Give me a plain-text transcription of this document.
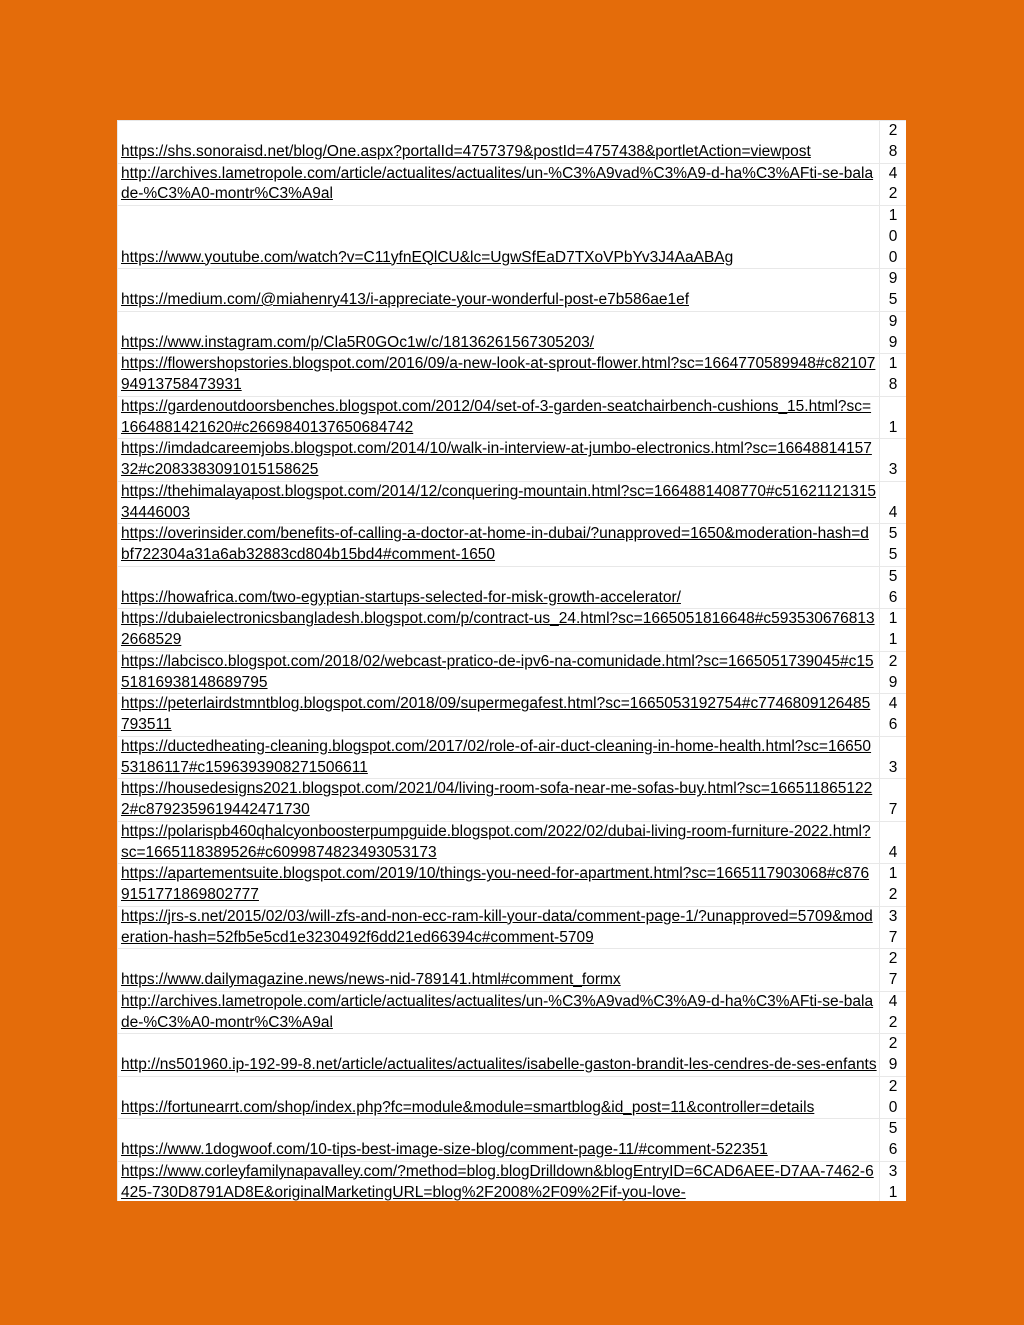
https://shs.sonoraisd.net/blog/One.aspx?portalId=4757379&postId=4757438&portletAction=viewpost	2
8

http://archives.lametropole.com/article/actualites/actualites/un-%C3%A9vad%C3%A9-d-ha%C3%AFti-se-balade-%C3%A0-montr%C3%A9al	4
2

https://www.youtube.com/watch?v=C11yfnEQlCU&lc=UgwSfEaD7TXoVPbYv3J4AaABAg	1
0
0

https://medium.com/@miahenry413/i-appreciate-your-wonderful-post-e7b586ae1ef	9
5

https://www.instagram.com/p/Cla5R0GOc1w/c/18136261567305203/	9
9

https://flowershopstories.blogspot.com/2016/09/a-new-look-at-sprout-flower.html?sc=1664770589948#c8210794913758473931	1
8

https://gardenoutdoorsbenches.blogspot.com/2012/04/set-of-3-garden-seatchairbench-cushions_15.html?sc=1664881421620#c2669840137650684742	1

https://imdadcareemjobs.blogspot.com/2014/10/walk-in-interview-at-jumbo-electronics.html?sc=1664881415732#c2083383091015158625	3

https://thehimalayapost.blogspot.com/2014/12/conquering-mountain.html?sc=1664881408770#c5162112131534446003	4

https://overinsider.com/benefits-of-calling-a-doctor-at-home-in-dubai/?unapproved=1650&moderation-hash=dbf722304a31a6ab32883cd804b15bd4#comment-1650	5
5

https://howafrica.com/two-egyptian-startups-selected-for-misk-growth-accelerator/	5
6

https://dubaielectronicsbangladesh.blogspot.com/p/contract-us_24.html?sc=1665051816648#c5935306768132668529	1
1

https://labcisco.blogspot.com/2018/02/webcast-pratico-de-ipv6-na-comunidade.html?sc=1665051739045#c1551816938148689795	2
9

https://peterlairdstmntblog.blogspot.com/2018/09/supermegafest.html?sc=1665053192754#c7746809126485793511	4
6

https://ductedheating-cleaning.blogspot.com/2017/02/role-of-air-duct-cleaning-in-home-health.html?sc=1665053186117#c1596393908271506611	3

https://housedesigns2021.blogspot.com/2021/04/living-room-sofa-near-me-sofas-buy.html?sc=1665118651222#c8792359619442471730	7

https://polarispb460qhalcyonboosterpumpguide.blogspot.com/2022/02/dubai-living-room-furniture-2022.html?sc=1665118389526#c6099874823493053173	4

https://apartementsuite.blogspot.com/2019/10/things-you-need-for-apartment.html?sc=1665117903068#c8769151771869802777	1
2

https://jrs-s.net/2015/02/03/will-zfs-and-non-ecc-ram-kill-your-data/comment-page-1/?unapproved=5709&moderation-hash=52fb5e5cd1e3230492f6dd21ed66394c#comment-5709	3
7

https://www.dailymagazine.news/news-nid-789141.html#comment_formx	2
7

http://archives.lametropole.com/article/actualites/actualites/un-%C3%A9vad%C3%A9-d-ha%C3%AFti-se-balade-%C3%A0-montr%C3%A9al	4
2

http://ns501960.ip-192-99-8.net/article/actualites/actualites/isabelle-gaston-brandit-les-cendres-de-ses-enfants	2
9

https://fortunearrt.com/shop/index.php?fc=module&module=smartblog&id_post=11&controller=details	2
0

https://www.1dogwoof.com/10-tips-best-image-size-blog/comment-page-11/#comment-522351	5
6

https://www.corleyfamilynapavalley.com/?method=blog.blogDrilldown&blogEntryID=6CAD6AEE-D7AA-7462-6425-730D8791AD8E&originalMarketingURL=blog%2F2008%2F09%2Fif-you-love-	3
1
